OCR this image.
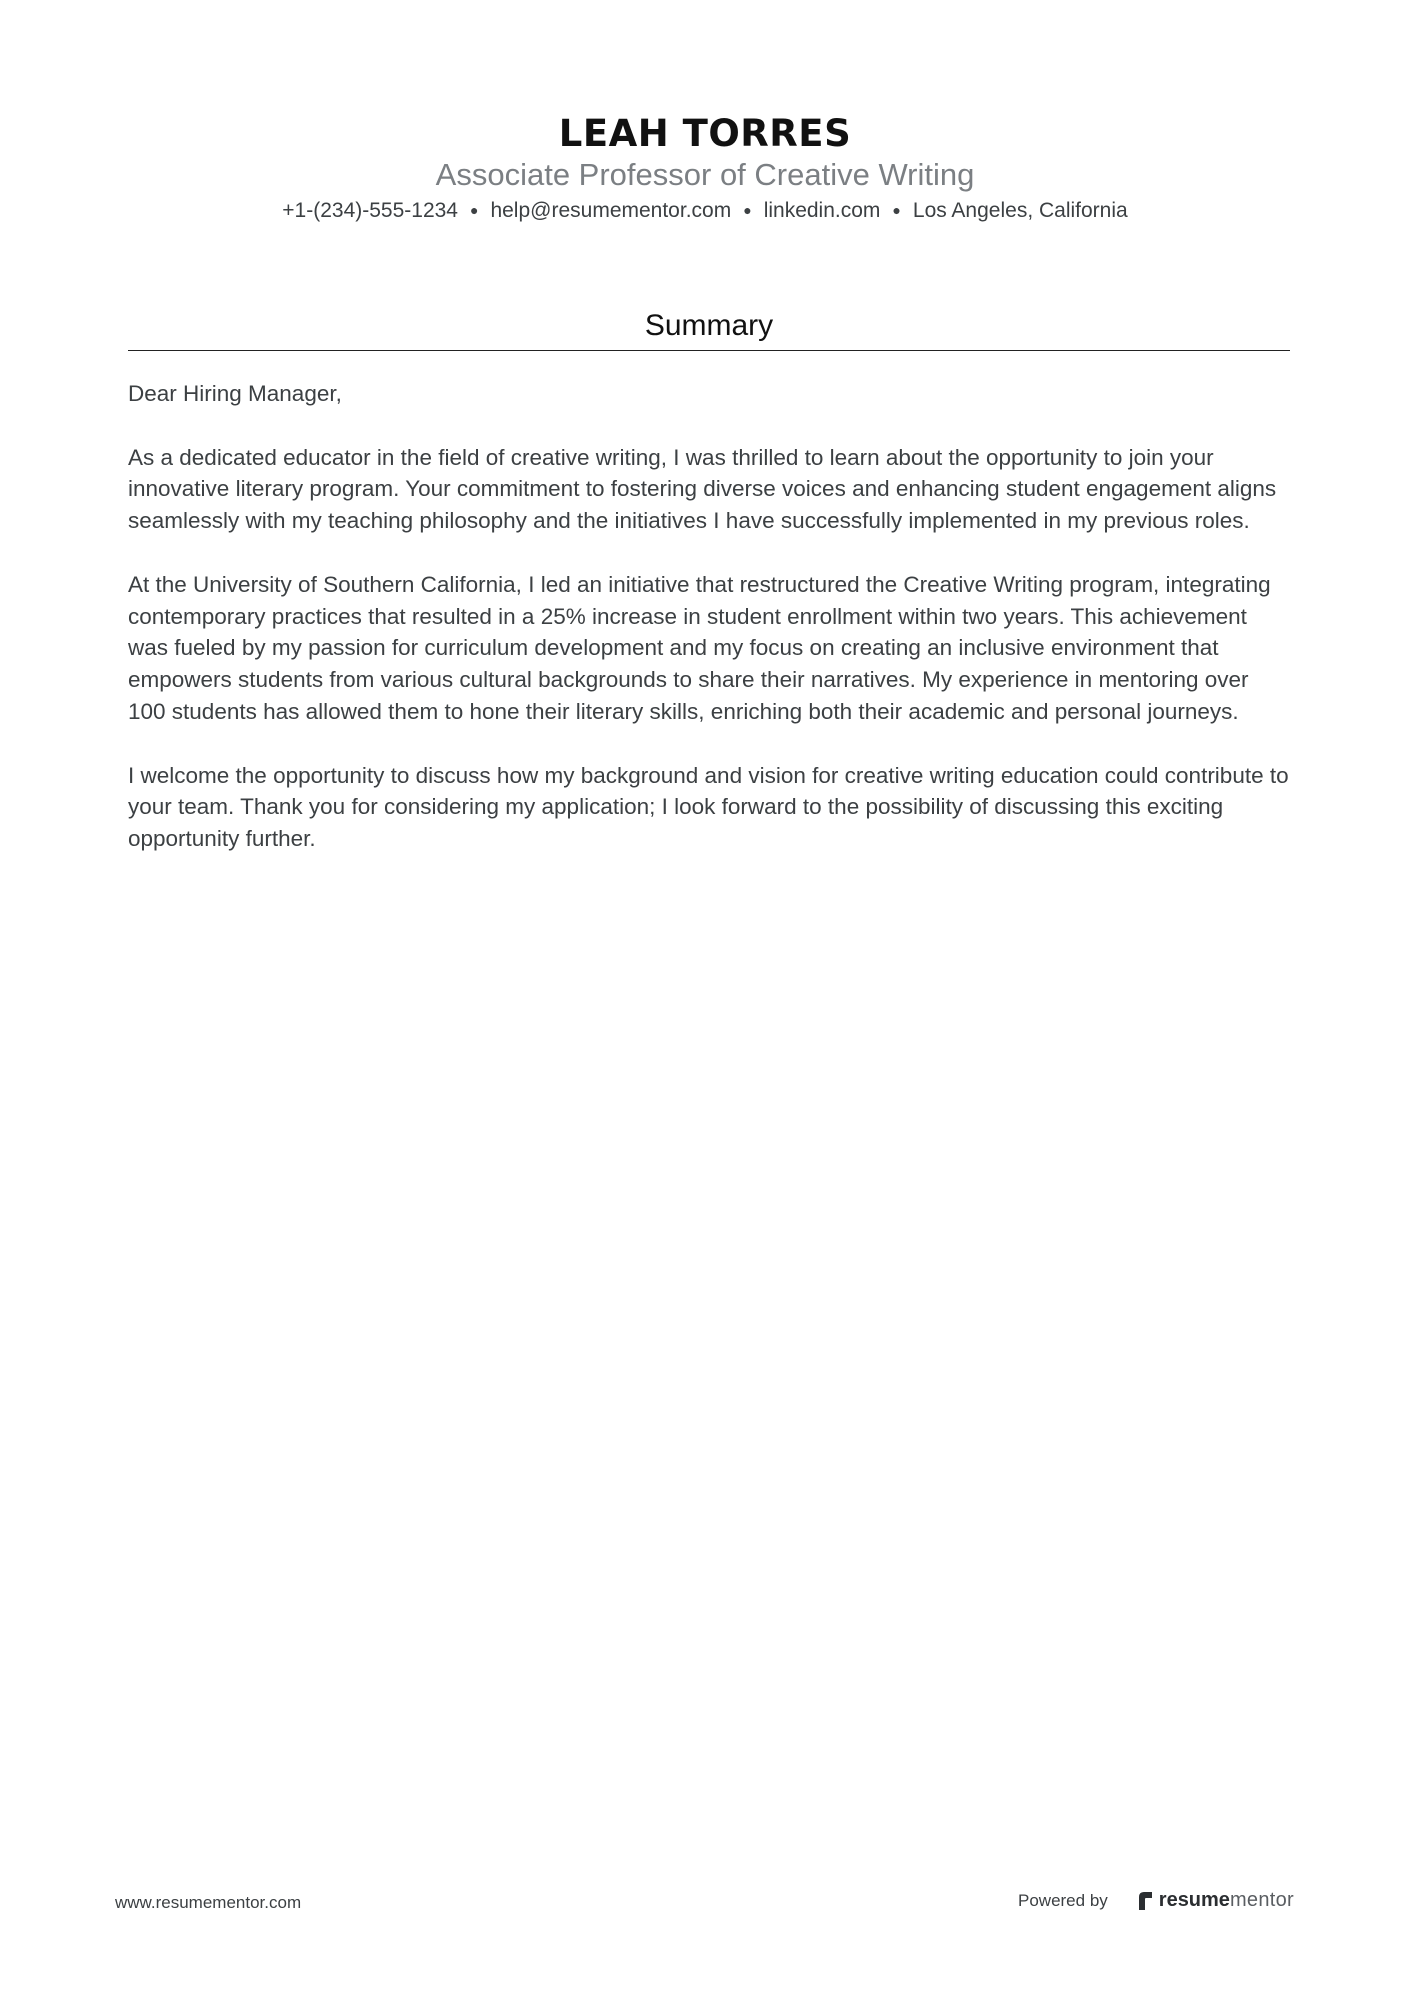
LEAH TORRES
Associate Professor of Creative Writing
+1-(234)-555-1234 ● help@resumementor.com ● linkedin.com ● Los Angeles, California
Summary

Dear Hiring Manager,

As a dedicated educator in the field of creative writing, I was thrilled to learn about the opportunity to join your innovative literary program. Your commitment to fostering diverse voices and enhancing student engagement aligns seamlessly with my teaching philosophy and the initiatives I have successfully implemented in my previous roles.

At the University of Southern California, I led an initiative that restructured the Creative Writing program, integrating contemporary practices that resulted in a 25% increase in student enrollment within two years. This achievement was fueled by my passion for curriculum development and my focus on creating an inclusive environment that empowers students from various cultural backgrounds to share their narratives. My experience in mentoring over 100 students has allowed them to hone their literary skills, enriching both their academic and personal journeys.

I welcome the opportunity to discuss how my background and vision for creative writing education could contribute to your team. Thank you for considering my application; I look forward to the possibility of discussing this exciting opportunity further.

www.resumementor.com	Powered by	resume mentor
